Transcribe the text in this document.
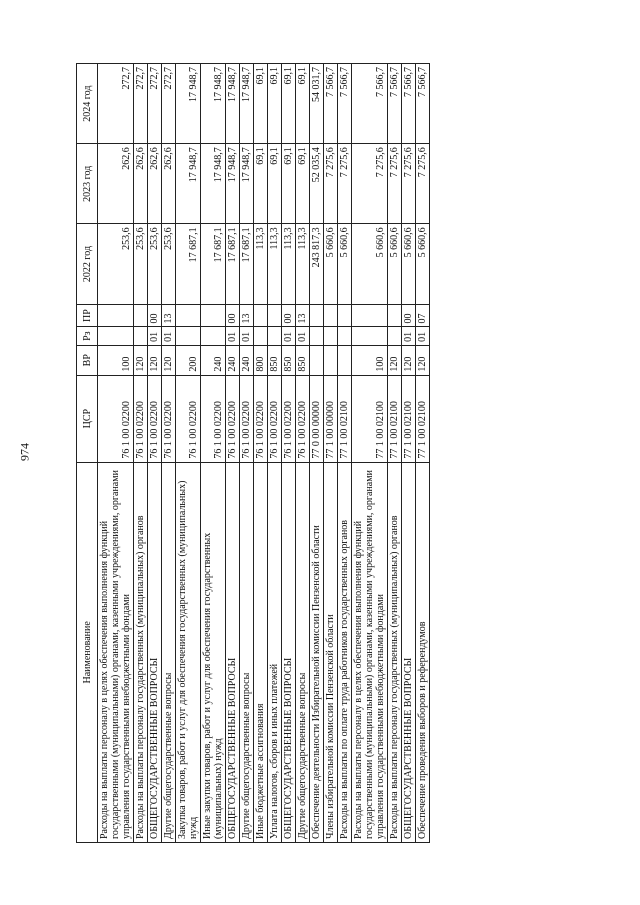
974
Наименование	ЦСР	ВР	Рз	ПР	2022 год	2023 год	2024 год
Расходы на выплаты персоналу в целях обеспечения выполнения функций государственными (муниципальными) органами, казенными учреждениями, органами управления государственными внебюджетными фондами	76 1 00 02200	100			253,6	262,6	272,7
Расходы на выплаты персоналу государственных (муниципальных) органов	76 1 00 02200	120			253,6	262,6	272,7
ОБЩЕГОСУДАРСТВЕННЫЕ ВОПРОСЫ	76 1 00 02200	120	01	00	253,6	262,6	272,7
Другие общегосударственные вопросы	76 1 00 02200	120	01	13	253,6	262,6	272,7
Закупка товаров, работ и услуг для обеспечения государственных (муниципальных) нужд	76 1 00 02200	200			17 687,1	17 948,7	17 948,7
Иные закупки товаров, работ и услуг для обеспечения государственных (муниципальных) нужд	76 1 00 02200	240			17 687,1	17 948,7	17 948,7
ОБЩЕГОСУДАРСТВЕННЫЕ ВОПРОСЫ	76 1 00 02200	240	01	00	17 687,1	17 948,7	17 948,7
Другие общегосударственные вопросы	76 1 00 02200	240	01	13	17 687,1	17 948,7	17 948,7
Иные бюджетные ассигнования	76 1 00 02200	800			113,3	69,1	69,1
Уплата налогов, сборов и иных платежей	76 1 00 02200	850			113,3	69,1	69,1
ОБЩЕГОСУДАРСТВЕННЫЕ ВОПРОСЫ	76 1 00 02200	850	01	00	113,3	69,1	69,1
Другие общегосударственные вопросы	76 1 00 02200	850	01	13	113,3	69,1	69,1
Обеспечение деятельности Избирательной комиссии Пензенской области	77 0 00 00000				243 817,3	52 035,4	54 031,7
Члены избирательной комиссии Пензенской области	77 1 00 00000				5 660,6	7 275,6	7 566,7
Расходы на выплаты по оплате труда работников государственных органов	77 1 00 02100				5 660,6	7 275,6	7 566,7
Расходы на выплаты персоналу в целях обеспечения выполнения функций государственными (муниципальными) органами, казенными учреждениями, органами управления государственными внебюджетными фондами	77 1 00 02100	100			5 660,6	7 275,6	7 566,7
Расходы на выплаты персоналу государственных (муниципальных) органов	77 1 00 02100	120			5 660,6	7 275,6	7 566,7
ОБЩЕГОСУДАРСТВЕННЫЕ ВОПРОСЫ	77 1 00 02100	120	01	00	5 660,6	7 275,6	7 566,7
Обеспечение проведения выборов и референдумов	77 1 00 02100	120	01	07	5 660,6	7 275,6	7 566,7
